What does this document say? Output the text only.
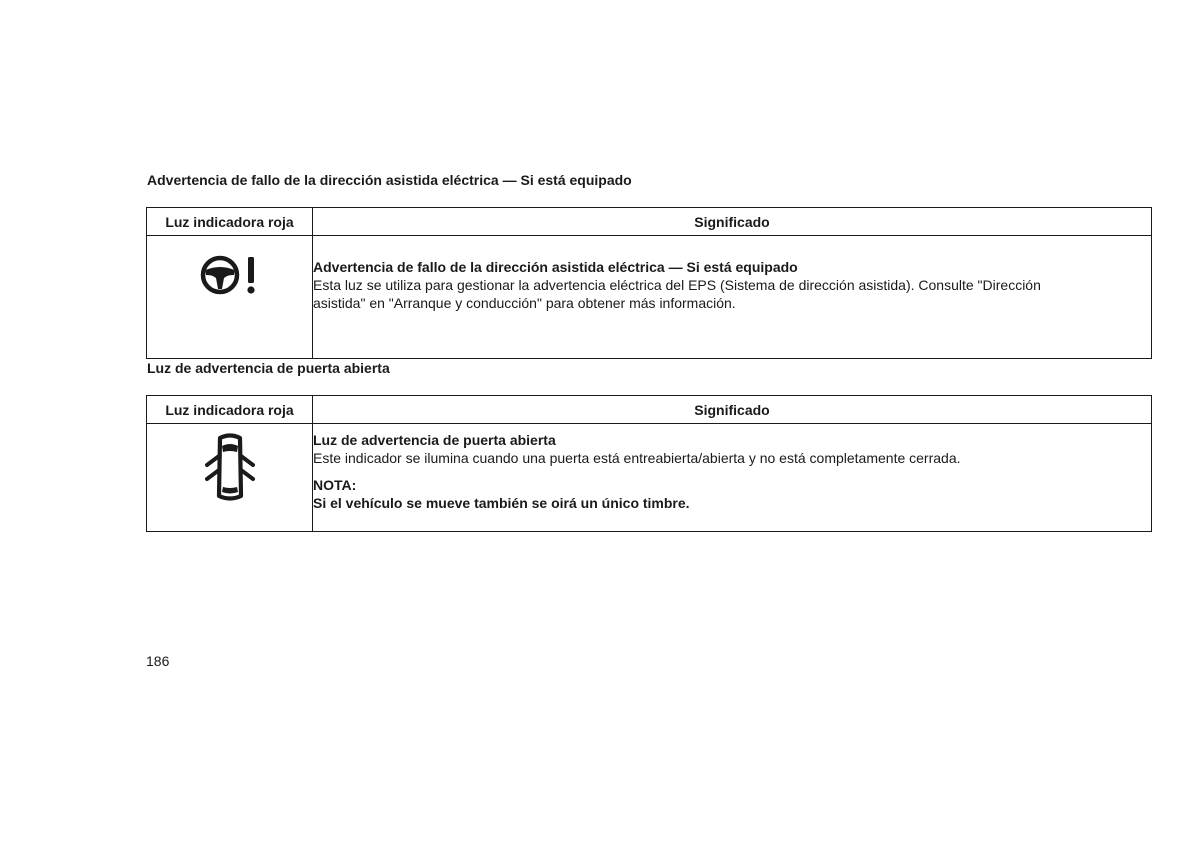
Advertencia de fallo de la dirección asistida eléctrica — Si está equipado
Luz indicadora roja	Significado

Advertencia de fallo de la dirección asistida eléctrica — Si está equipado
Esta luz se utiliza para gestionar la advertencia eléctrica del EPS (Sistema de dirección asistida). Consulte "Dirección
asistida" en "Arranque y conducción" para obtener más información.
Luz de advertencia de puerta abierta
Luz indicadora roja	Significado

Luz de advertencia de puerta abierta
Este indicador se ilumina cuando una puerta está entreabierta/abierta y no está completamente cerrada.
NOTA:
Si el vehículo se mueve también se oirá un único timbre.

186
